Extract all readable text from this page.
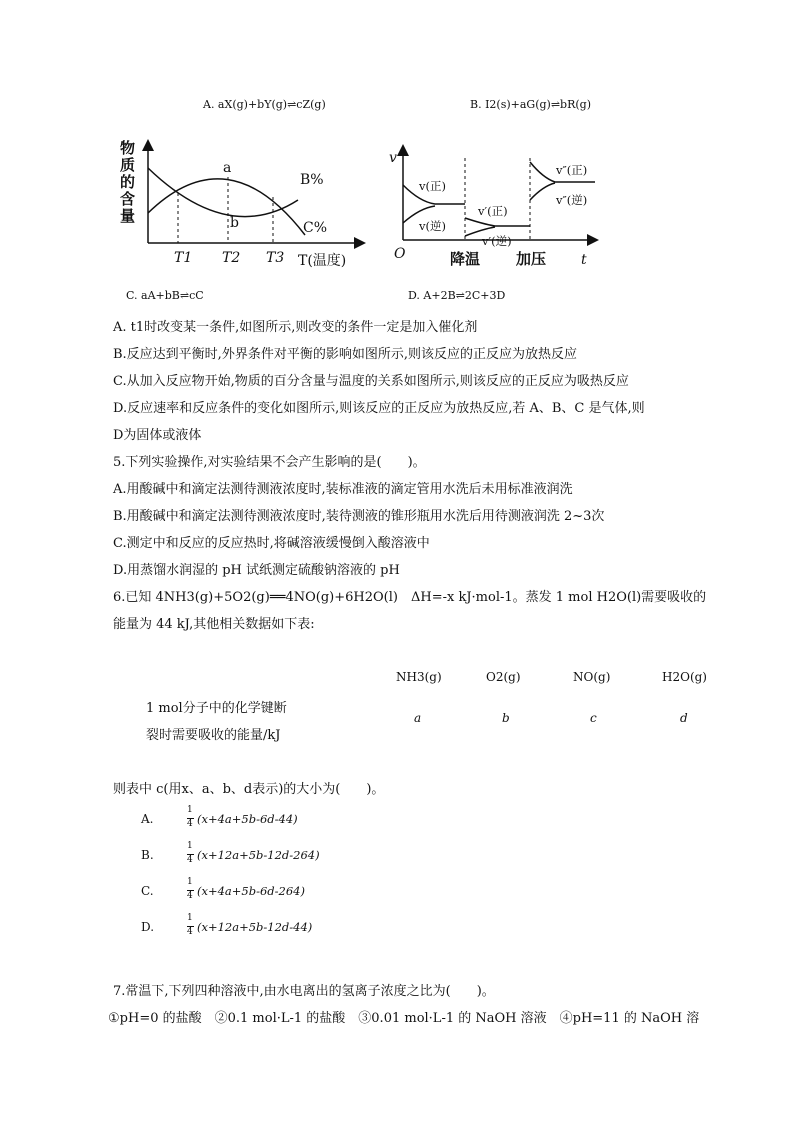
A. aX(g)+bY(g)⇌cZ(g)	B. I2(s)+aG(g)⇌bR(g)
物 质 的 含 量
a
b
B%
C%
T1 T2 T3 T(温度)
v
O	t
v(正)
v(逆)
v′(正)
v′(逆)
v″(正)
v″(逆)
降温 加压
C. aA+bB⇌cC	D. A+2B⇌2C+3D
A. t1时改变某一条件,如图所示,则改变的条件一定是加入催化剂
B.反应达到平衡时,外界条件对平衡的影响如图所示,则该反应的正反应为放热反应
C.从加入反应物开始,物质的百分含量与温度的关系如图所示,则该反应的正反应为吸热反应
D.反应速率和反应条件的变化如图所示,则该反应的正反应为放热反应,若 A、B、C 是气体,则
D为固体或液体
5.下列实验操作,对实验结果不会产生影响的是(　　)。
A.用酸碱中和滴定法测待测液浓度时,装标准液的滴定管用水洗后未用标准液润洗
B.用酸碱中和滴定法测待测液浓度时,装待测液的锥形瓶用水洗后用待测液润洗 2~3次
C.测定中和反应的反应热时,将碱溶液缓慢倒入酸溶液中
D.用蒸馏水润湿的 pH 试纸测定硫酸钠溶液的 pH
6.已知 4NH3(g)+5O2(g)══4NO(g)+6H2O(l)　ΔH=-x kJ·mol-1。蒸发 1 mol H2O(l)需要吸收的
能量为 44 kJ,其他相关数据如下表:
NH3(g)	O2(g)	NO(g)	H2O(g)
1 mol分子中的化学键断
裂时需要吸收的能量/kJ
a	b	c	d
则表中 c(用x、a、b、d表示)的大小为(　　)。
A.
1
4 (x+4a+5b-6d-44)
B.
1
4 (x+12a+5b-12d-264)
C.
1
4 (x+4a+5b-6d-264)
D.
1
4 (x+12a+5b-12d-44)
7.常温下,下列四种溶液中,由水电离出的氢离子浓度之比为(　　)。
①pH=0 的盐酸　②0.1 mol·L-1 的盐酸　③0.01 mol·L-1 的 NaOH 溶液　④pH=11 的 NaOH 溶
